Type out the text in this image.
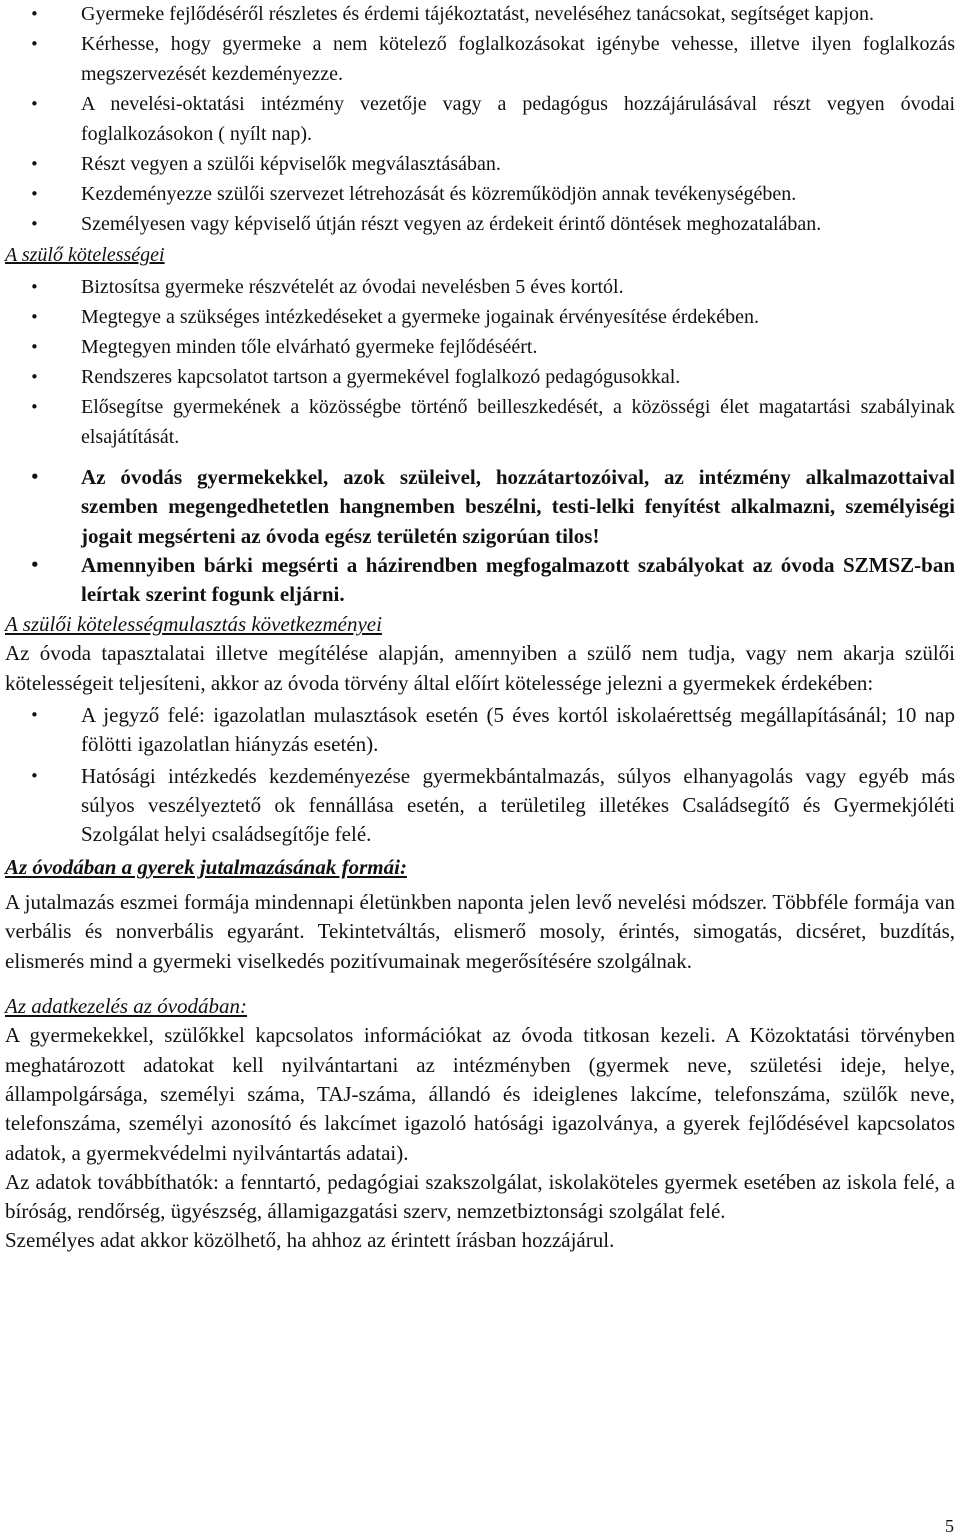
• Gyermeke fejlődéséről részletes és érdemi tájékoztatást, neveléséhez tanácsokat, segítséget kapjon.
• Kérhesse, hogy gyermeke a nem kötelező foglalkozásokat igénybe vehesse, illetve ilyen foglalkozás megszervezését kezdeményezze.
• A nevelési-oktatási intézmény vezetője vagy a pedagógus hozzájárulásával részt vegyen óvodai foglalkozásokon ( nyílt nap).
• Részt vegyen a szülői képviselők megválasztásában.
• Kezdeményezze szülői szervezet létrehozását és közreműködjön annak tevékenységében.
• Személyesen vagy képviselő útján részt vegyen az érdekeit érintő döntések meghozatalában.
A szülő kötelességei
• Biztosítsa gyermeke részvételét az óvodai nevelésben 5 éves kortól.
• Megtegye a szükséges intézkedéseket a gyermeke jogainak érvényesítése érdekében.
• Megtegyen minden tőle elvárható gyermeke fejlődéséért.
• Rendszeres kapcsolatot tartson a gyermekével foglalkozó pedagógusokkal.
• Elősegítse gyermekének a közösségbe történő beilleszkedését, a közösségi élet magatartási szabályinak elsajátítását.
• Az óvodás gyermekekkel, azok szüleivel, hozzátartozóival, az intézmény alkalmazottaival szemben megengedhetetlen hangnemben beszélni, testi-lelki fenyítést alkalmazni, személyiségi jogait megsérteni az óvoda egész területén szigorúan tilos!
• Amennyiben bárki megsérti a házirendben megfogalmazott szabályokat az óvoda SZMSZ-ban leírtak szerint fogunk eljárni.
A szülői kötelességmulasztás következményei

Az óvoda tapasztalatai illetve megítélése alapján, amennyiben a szülő nem tudja, vagy nem akarja szülői kötelességeit teljesíteni, akkor az óvoda törvény által előírt kötelessége jelezni a gyermekek érdekében:

• A jegyző felé: igazolatlan mulasztások esetén (5 éves kortól iskolaérettség megállapításánál; 10 nap fölötti igazolatlan hiányzás esetén).
• Hatósági intézkedés kezdeményezése gyermekbántalmazás, súlyos elhanyagolás vagy egyéb más súlyos veszélyeztető ok fennállása esetén, a területileg illetékes Családsegítő és Gyermekjóléti Szolgálat helyi családsegítője felé.
Az óvodában a gyerek jutalmazásának formái:

A jutalmazás eszmei formája mindennapi életünkben naponta jelen levő nevelési módszer. Többféle formája van verbális és nonverbális egyaránt. Tekintetváltás, elismerő mosoly, érintés, simogatás, dicséret, buzdítás, elismerés mind a gyermeki viselkedés pozitívumainak megerősítésére szolgálnak.

Az adatkezelés az óvodában:

A gyermekekkel, szülőkkel kapcsolatos információkat az óvoda titkosan kezeli. A Közoktatási törvényben meghatározott adatokat kell nyilvántartani az intézményben (gyermek neve, születési ideje, helye, állampolgársága, személyi száma, TAJ-száma, állandó és ideiglenes lakcíme, telefonszáma, szülők neve, telefonszáma, személyi azonosító és lakcímet igazoló hatósági igazolványa, a gyerek fejlődésével kapcsolatos adatok, a gyermekvédelmi nyilvántartás adatai).

Az adatok továbbíthatók: a fenntartó, pedagógiai szakszolgálat, iskolaköteles gyermek esetében az iskola felé, a bíróság, rendőrség, ügyészség, államigazgatási szerv, nemzetbiztonsági szolgálat felé.

Személyes adat akkor közölhető, ha ahhoz az érintett írásban hozzájárul.

5
